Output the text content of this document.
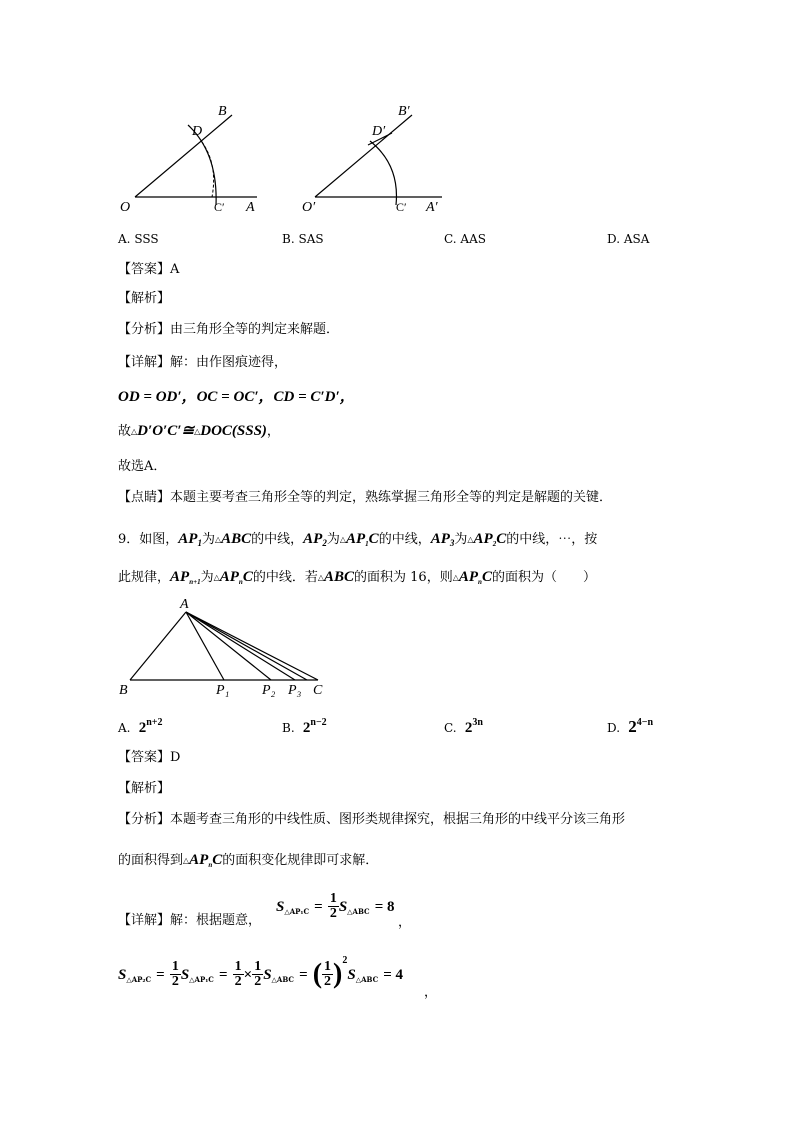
B
D
O	C′ A
B′
D′
O′	C′ A′
A. SSS	B. SAS	C. AAS	D. ASA
【答案】A
【解析】
【分析】由三角形全等的判定来解题．
【详解】解：由作图痕迹得，
OD = OD′，OC = OC′，CD = C′D′，
故△D′O′C′≅△DOC(SSS)，
故选A．
【点睛】本题主要考查三角形全等的判定，熟练掌握三角形全等的判定是解题的关键．
9．如图，$AP_1$为△ABC的中线，$AP_2$为$\triangle AP_1C$的中线，$AP_3$为$\triangle AP_2C$的中线，⋯，按
此规律，$AP_{n+1}$为$\triangle AP_nC$的中线．若△ABC的面积为 16，则$\triangle AP_nC$的面积为（　　）
A
B	P₁ P₂ P₃ C
A. $2^{n+2}$	B. $2^{n-2}$	C. $2^{3n}$	D. $2^{4-n}$
【答案】D
【解析】
【分析】本题考查三角形的中线性质、图形类规律探究，根据三角形的中线平分该三角形
的面积得到$\triangle AP_nC$的面积变化规律即可求解．
【详解】解：根据题意，
S△AP₁C = $\frac{1}{2}$ S△ABC = 8
，
S△AP₂C = $\frac{1}{2}$ S△AP₁C = $\frac{1}{2} \times \frac{1}{2}$ S△ABC = ( $\frac{1}{2}$ )$^2$S△ABC = 4
，
